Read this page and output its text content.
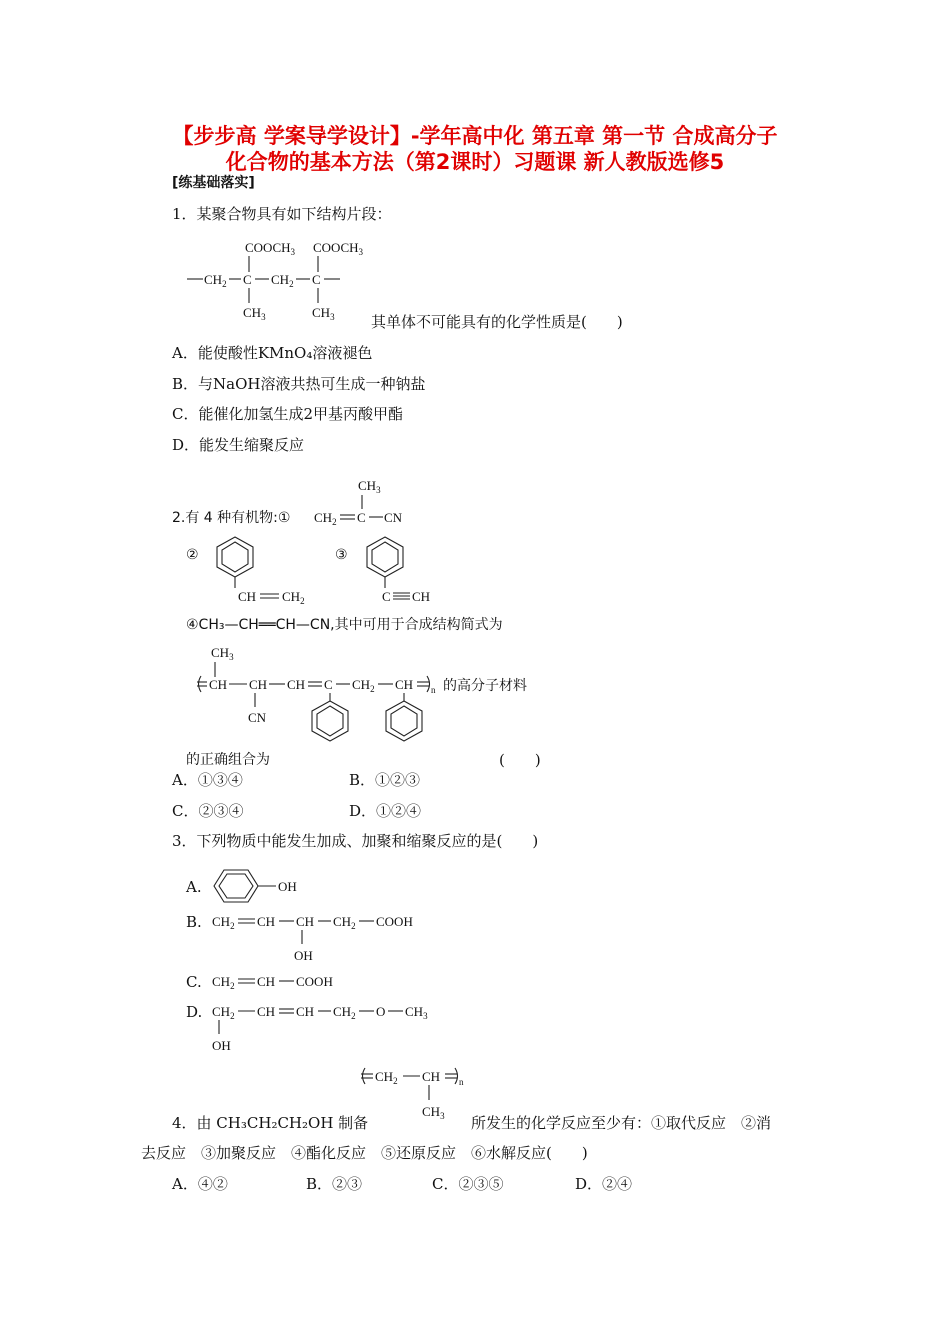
【步步高 学案导学设计】-学年高中化 第五章 第一节 合成高分子
化合物的基本方法（第2课时）习题课 新人教版选修5
[练基础落实]
1．某聚合物具有如下结构片段：
$COOCH_3$ $COOCH_3$
$CH_2$ C $CH_2$ C
$CH_3$	$CH_3$ 其单体不可能具有的化学性质是(　　)
A．能使酸性KMnO₄溶液褪色
B．与NaOH溶液共热可生成一种钠盐
C．能催化加氢生成2甲基丙酸甲酯
D．能发生缩聚反应
2.有 4 种有机物:①
$CH_3$
$CH_2$ C CN
②
CH $CH_2$
③
C CH
④CH₃—CH══CH—CN,其中可用于合成结构简式为
$CH_3$
CH CH CH C $CH_2$ CH n
CN
的高分子材料
的正确组合为	(　　)
A．①③④	B．①②③
C．②③④	D．①②④
3．下列物质中能发生加成、加聚和缩聚反应的是(　　)
A.	OH
B. $CH_2$ CH CH $CH_2$ COOH
OH
C. $CH_2$ CH COOH
D. $CH_2$ CH CH $CH_2$ O $CH_3$
OH
$CH_2$ CH n
$CH_3$
4．由 CH₃CH₂CH₂OH 制备	所发生的化学反应至少有：①取代反应　②消
去反应　③加聚反应　④酯化反应　⑤还原反应　⑥水解反应(　　)
A．④②	B．②③	C．②③⑤	D．②④
